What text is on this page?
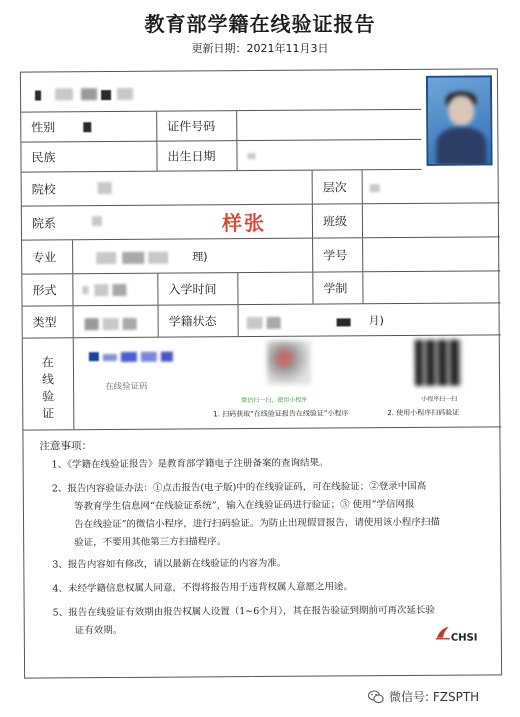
教育部学籍在线验证报告
更新日期：2021年11月3日
性别	证件号码
民族	出生日期
院校	层次
院系	样张	班级
专业	理)	学号
形式	入学时间	学制
类型	学籍状态	月)
在线验证
在线验证码
微信扫一扫，使用小程序
1. 扫码获取“在线验证报告在线验证”小程序
小程序扫一扫
2. 使用小程序扫码验证
注意事项：
1、《学籍在线验证报告》是教育部学籍电子注册备案的查询结果。
2、报告内容验证办法：①点击报告(电子版)中的在线验证码，可在线验证；②登录中国高
等教育学生信息网“在线验证系统”，输入在线验证码进行验证；③ 使用“学信网报
告在线验证”的微信小程序，进行扫码验证。为防止出现假冒报告，请使用该小程序扫描
验证，不要用其他第三方扫描程序。
3、报告内容如有修改，请以最新在线验证的内容为准。
4、未经学籍信息权属人同意，不得将报告用于违背权属人意愿之用途。
5、报告在线验证有效期由报告权属人设置（1~6个月），其在报告验证到期前可再次延长验
证有效期。
CHSI
微信号: FZSPTH
